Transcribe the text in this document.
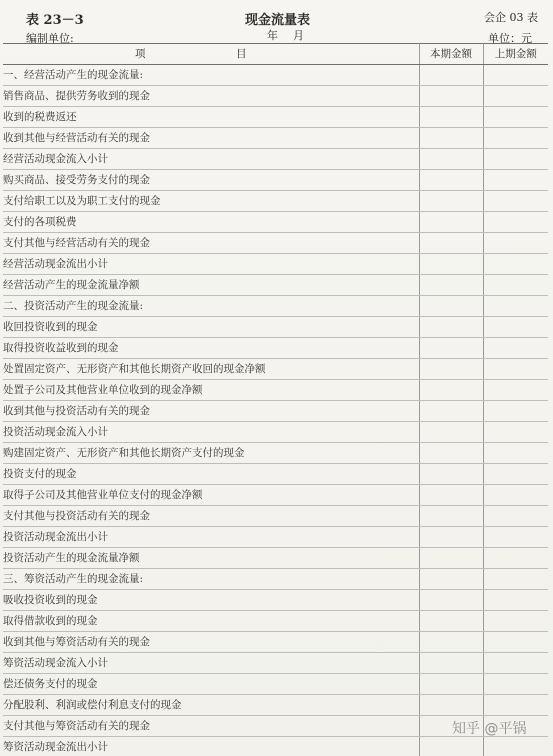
表 23－3	现金流量表	会企 03 表
编制单位:	年　月	单位：元
项　目	本期金额	上期金额
一、经营活动产生的现金流量:		
销售商品、提供劳务收到的现金		
收到的税费返还		
收到其他与经营活动有关的现金		
经营活动现金流入小计		
购买商品、接受劳务支付的现金		
支付给职工以及为职工支付的现金		
支付的各项税费		
支付其他与经营活动有关的现金		
经营活动现金流出小计		
经营活动产生的现金流量净额		
二、投资活动产生的现金流量:		
收回投资收到的现金		
取得投资收益收到的现金		
处置固定资产、无形资产和其他长期资产收回的现金净额		
处置子公司及其他营业单位收到的现金净额		
收到其他与投资活动有关的现金		
投资活动现金流入小计		
购建固定资产、无形资产和其他长期资产支付的现金		
投资支付的现金		
取得子公司及其他营业单位支付的现金净额		
支付其他与投资活动有关的现金		
投资活动现金流出小计		
投资活动产生的现金流量净额		
三、筹资活动产生的现金流量:		
吸收投资收到的现金		
取得借款收到的现金		
收到其他与筹资活动有关的现金		
筹资活动现金流入小计		
偿还债务支付的现金		
分配股利、利润或偿付利息支付的现金		
支付其他与筹资活动有关的现金		
筹资活动现金流出小计		
知乎 @平锅
